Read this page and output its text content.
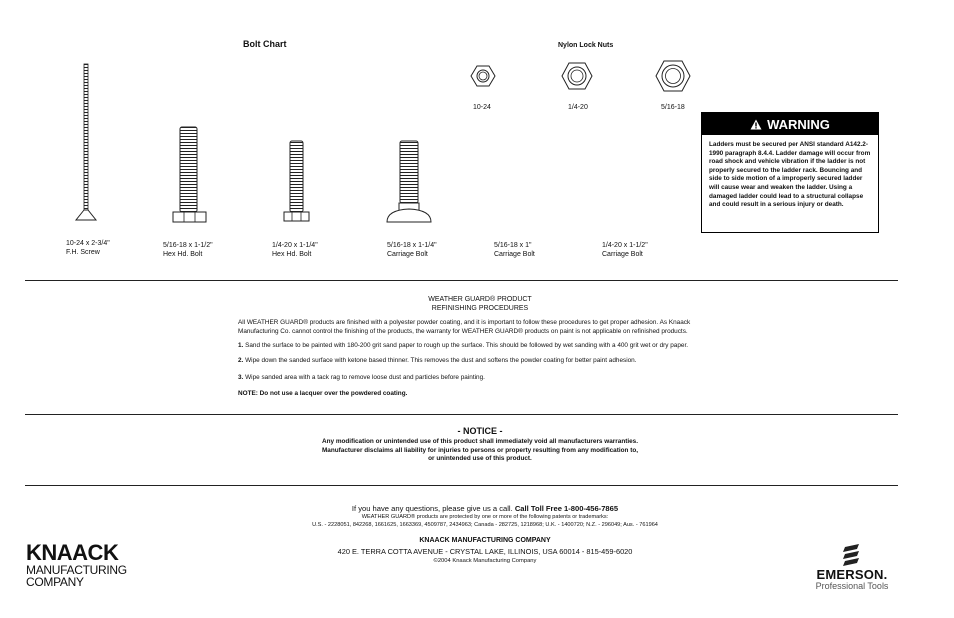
Bolt Chart
10-24 x 2-3/4"
F.H. Screw
5/16-18 x 1-1/2"
Hex Hd. Bolt
1/4-20 x 1-1/4"
Hex Hd. Bolt
5/16-18 x 1-1/4"
Carriage Bolt
5/16-18 x 1"
Carriage Bolt
1/4-20 x 1-1/2"
Carriage Bolt
Nylon Lock Nuts
10-24	1/4-20	5/16-18
WARNING
Ladders must be secured per ANSI standard A142.2-1990 paragraph 8.4.4. Ladder damage will occur from road shock and vehicle vibration if the ladder is not properly secured to the ladder rack. Bouncing and side to side motion of a improperly secured ladder will cause wear and weaken the ladder. Using a damaged ladder could lead to a structural collapse and could result in a serious injury or death.
WEATHER GUARD® PRODUCT
REFINISHING PROCEDURES
All WEATHER GUARD® products are finished with a polyester powder coating, and it is important to follow these procedures to get proper adhesion. As Knaack Manufacturing Co. cannot control the finishing of the products, the warranty for WEATHER GUARD® products on paint is not applicable on refinished products.
1. Sand the surface to be painted with 180-200 grit sand paper to rough up the surface. This should be followed by wet sanding with a 400 grit wet or dry paper.
2. Wipe down the sanded surface with ketone based thinner. This removes the dust and softens the powder coating for better paint adhesion.
3. Wipe sanded area with a tack rag to remove loose dust and particles before painting.
NOTE: Do not use a lacquer over the powdered coating.
- NOTICE -
Any modification or unintended use of this product shall immediately void all manufacturers warranties.
Manufacturer disclaims all liability for injuries to persons or property resulting from any modification to,
or unintended use of this product.
If you have any questions, please give us a call. Call Toll Free 1-800-456-7865
WEATHER GUARD® products are protected by one or more of the following patents or trademarks:
U.S. - 2228051, 842268, 1661625, 1663369, 4509787, 2434963; Canada - 282725, 1218968; U.K. - 1400720; N.Z. - 296049; Aus. - 761964
KNAACK MANUFACTURING COMPANY
420 E. TERRA COTTA AVENUE - CRYSTAL LAKE, ILLINOIS, USA 60014 - 815-459-6020
©2004 Knaack Manufacturing Company
KNAACK
MANUFACTURING
COMPANY	EMERSON.
Professional Tools
